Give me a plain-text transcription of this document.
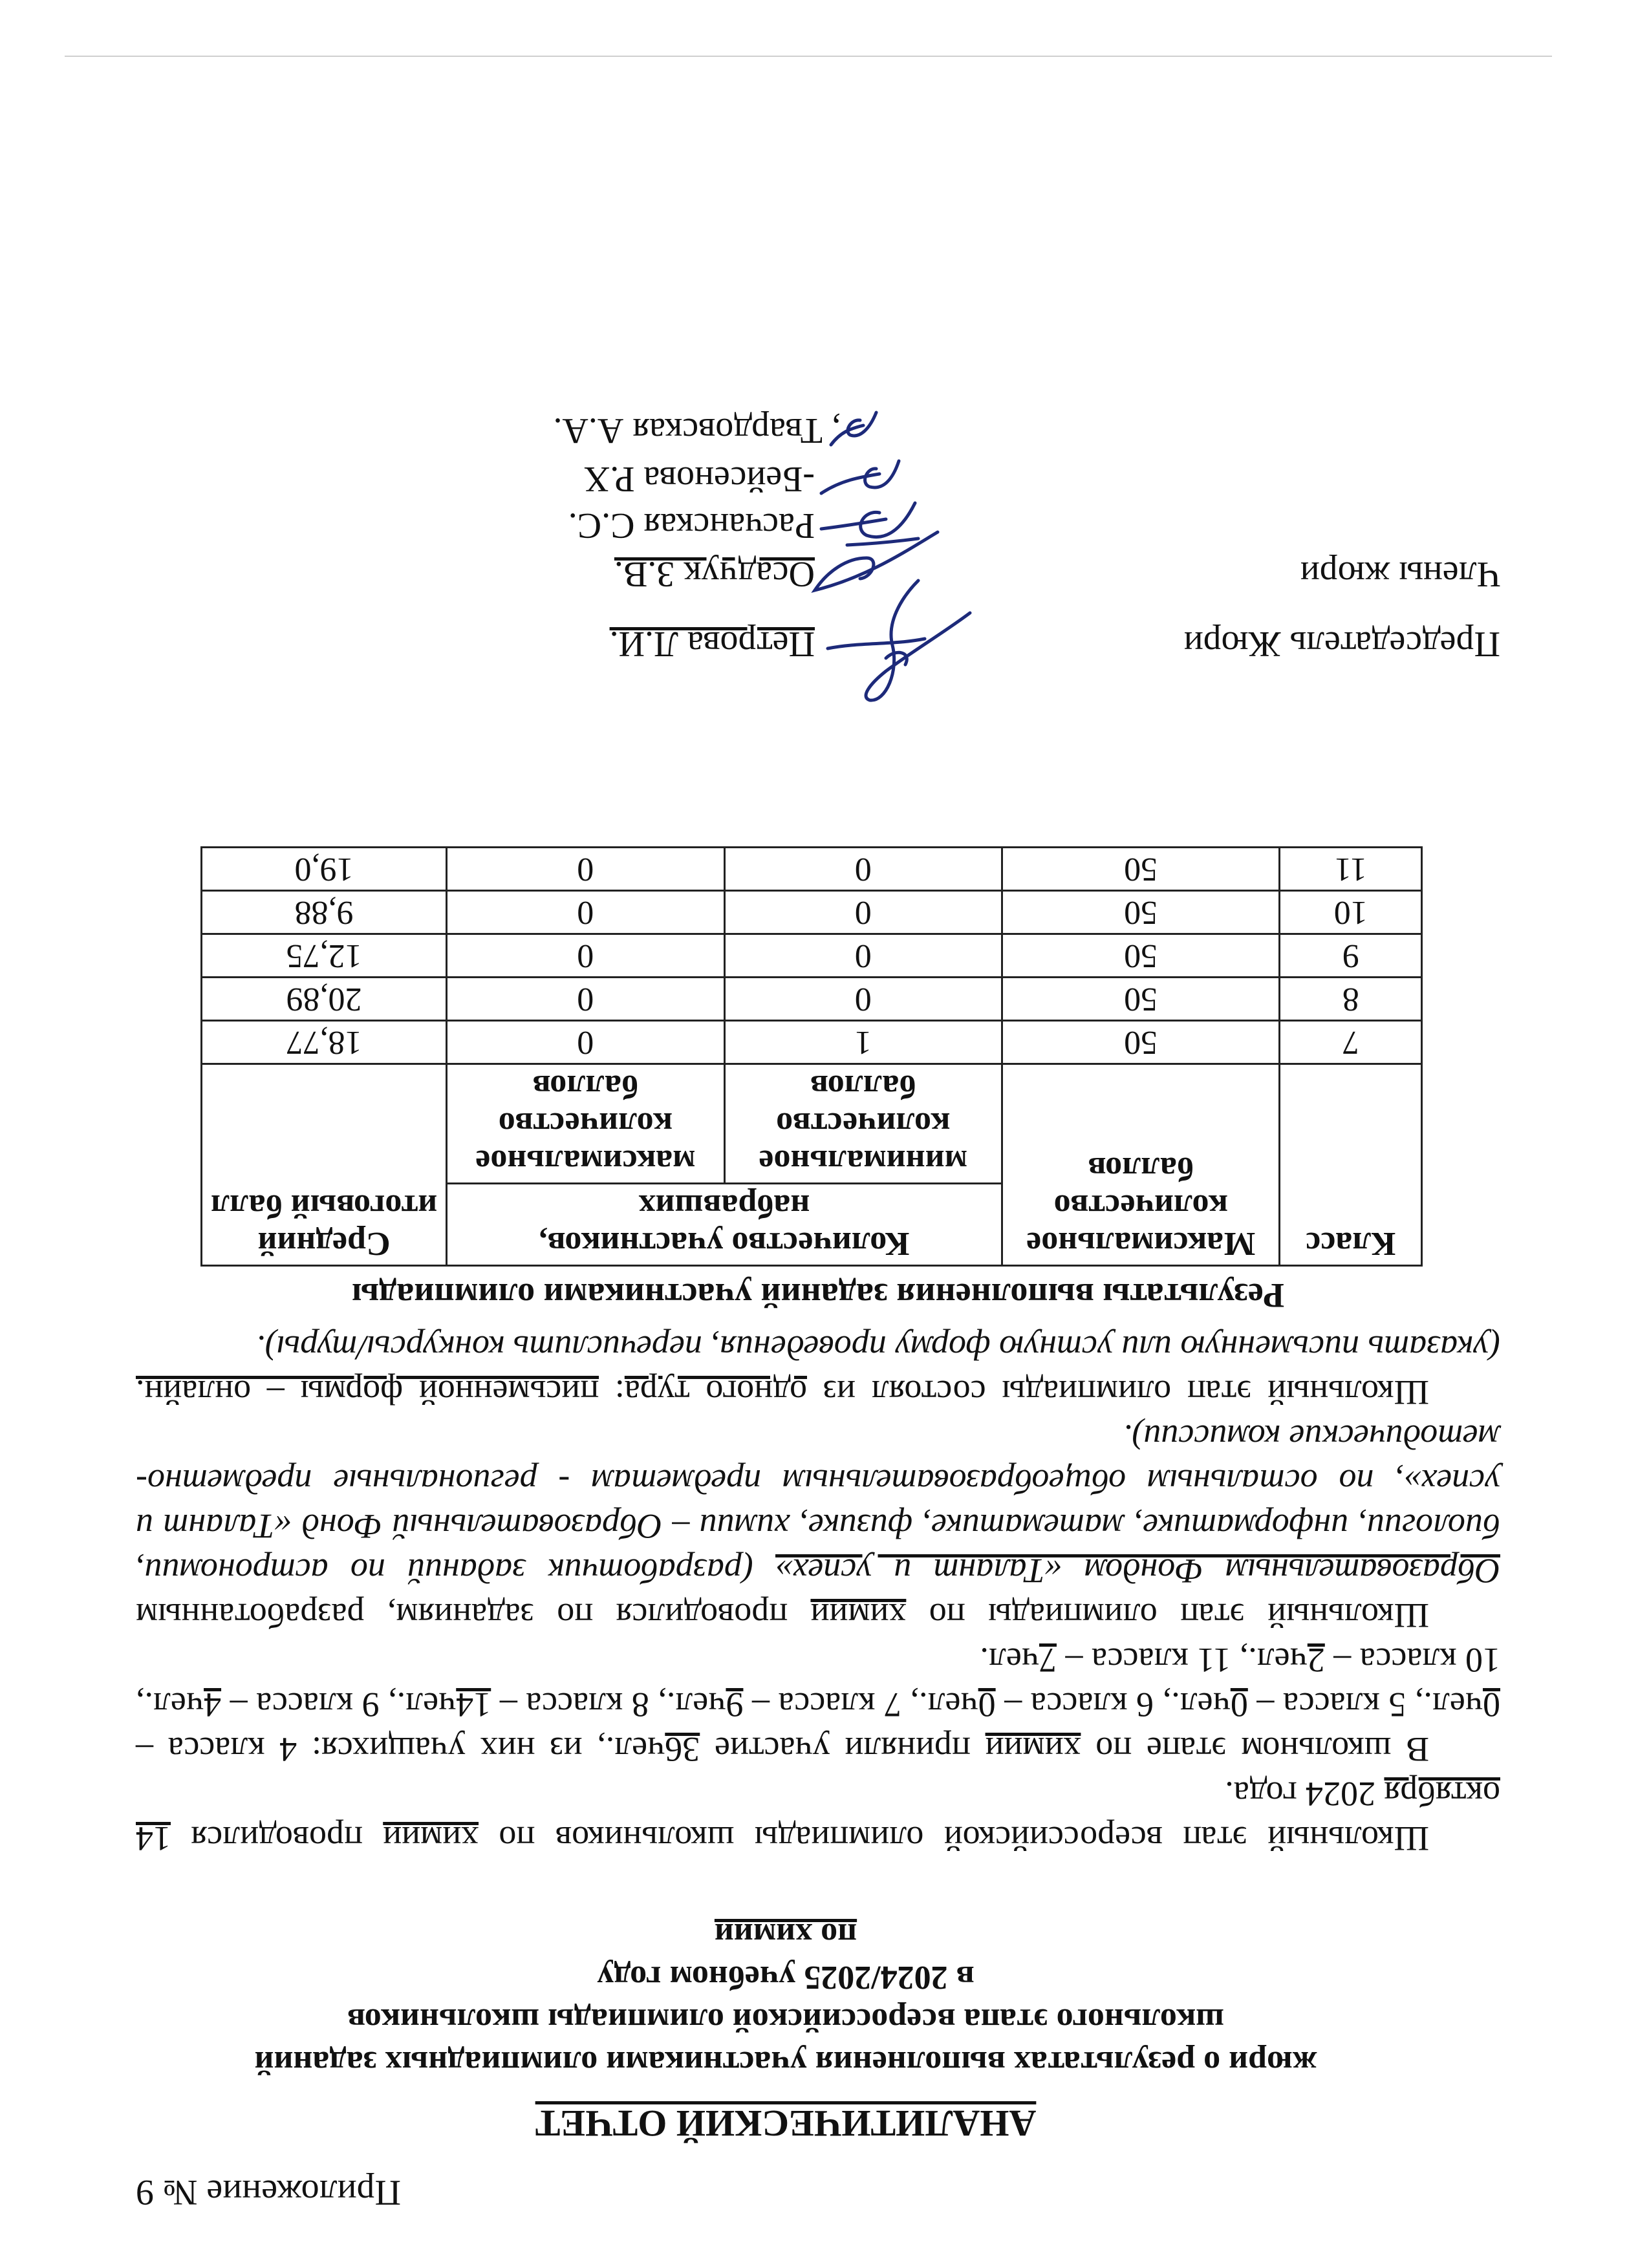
Приложение № 9
АНАЛИТИЧЕСКИЙ ОТЧЕТ
жюри о результатах выполнения участниками олимпиадных заданий
школьного этапа всероссийской олимпиады школьников
в 2024/2025 учебном году
по химии

Школьный этап всероссийской олимпиады школьников по химии проводился 14 октября 2024 года.

В школьном этапе по химии приняли участие 36чел., из них учащихся: 4 класса – 0чел., 5 класса – 0чел., 6 класса – 0чел., 7 класса – 9чел., 8 класса – 14чел., 9 класса – 4чел., 10 класса – 2чел., 11 класса – 7чел.

Школьный этап олимпиады по химии проводился по заданиям, разработанным Образовательным Фондом «Талант и успех» (разработчик заданий по астрономии, биологии, информатике, математике, физике, химии – Образовательный Фонд «Талант и успех», по остальным общеобразовательным предметам - региональные предметно-методические комиссии).

Школьный этап олимпиады состоял из одного тура: письменной формы – онлайн.(указать письменную или устную форму проведения, перечислить конкурсы/туры).

Результаты выполнения заданий участниками олимпиады
Класс	Максимальное количество баллов	Количество участников, набравших		Средний итоговый балл
		минимальное количество баллов	максимальное количество баллов	
7	50	1	0	18,77
8	50	0	0	20,89
9	50	0	0	12,75
10	50	0	0	9,88
11	50	0	0	19,0
Председатель Жюри
Петрова Л.И.
Члены жюри
Осадчук З.В.
Расчанская С.С.
-Бейсенова Р.Х
, Твардовская А.А.
